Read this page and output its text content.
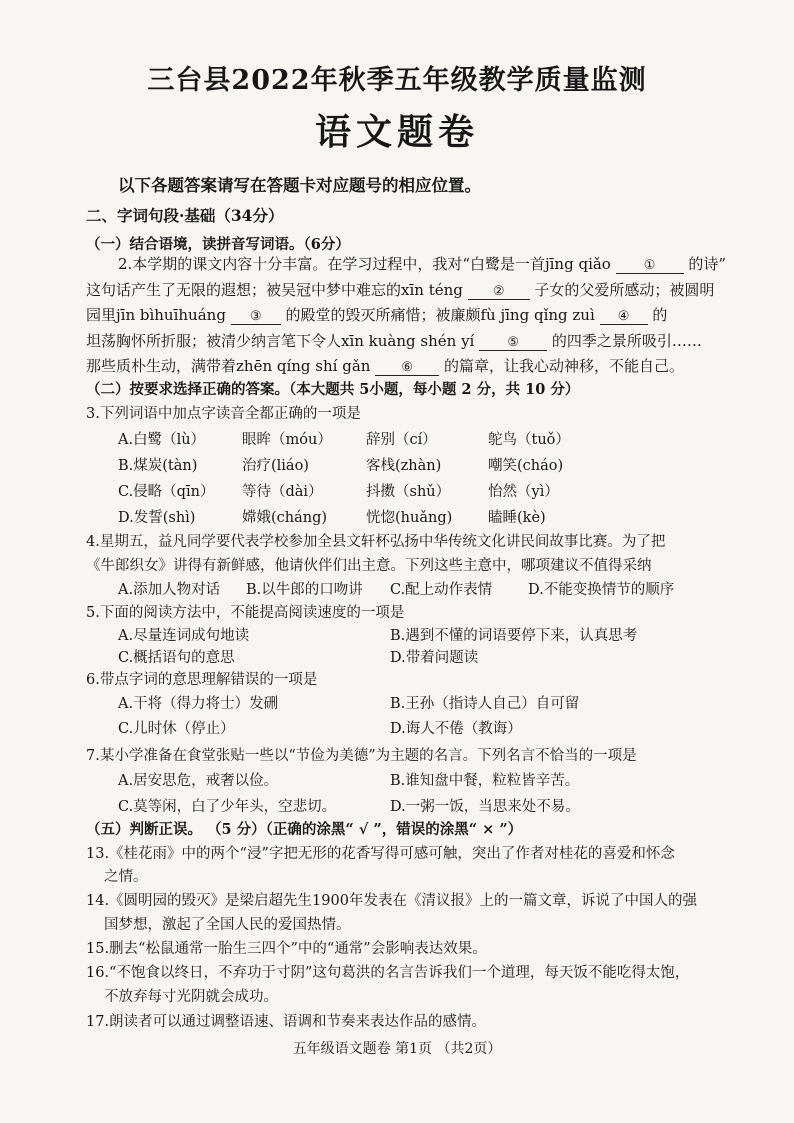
三台县2022年秋季五年级教学质量监测
语文题卷
以下各题答案请写在答题卡对应题号的相应位置。
二、字词句段·基础（34分）
（一）结合语境，读拼音写词语。（6分）
2.本学期的课文内容十分丰富。在学习过程中，我对“白鹭是一首jīng qiǎo	① 的诗”
这句话产生了无限的遐想；被吴冠中梦中难忘的xīn téng ② 子女的父爱所感动；被圆明
园里jīn bìhuīhuáng ③ 的殿堂的毁灭所痛惜；被廉颇fù jīng qǐng zuì ④ 的
坦荡胸怀所折服；被清少纳言笔下令人xīn kuàng shén yí	⑤ 的四季之景所吸引……
那些质朴生动，满带着zhēn qíng shí gǎn ⑥ 的篇章，让我心动神移，不能自己。
（二）按要求选择正确的答案。（本大题共 5小题，每小题 2 分，共 10 分）
3.下列词语中加点字读音全都正确的一项是
A.白鹭（lù）	眼眸（móu） 辞别（cí）	鸵鸟（tuǒ）
B.煤炭(tàn)	治疗(liáo)	客栈(zhàn)	嘲笑(cháo)
C.侵略（qīn） 等待（dài）	抖擞（shǔ）	怡然（yì）
D.发誓(shì)	嫦娥(cháng)	恍惚(huǎng) 瞌睡(kè)
4.星期五，益凡同学要代表学校参加全县文轩杯弘扬中华传统文化讲民间故事比赛。为了把
《牛郎织女》讲得有新鲜感，他请伙伴们出主意。下列这些主意中，哪项建议不值得采纳
A.添加人物对话 B.以牛郎的口吻讲 C.配上动作表情 D.不能变换情节的顺序
5.下面的阅读方法中，不能提高阅读速度的一项是
A.尽量连词成句地读	B.遇到不懂的词语要停下来，认真思考
C.概括语句的意思	D.带着问题读
6.带点字词的意思理解错误的一项是
A.干将（得力将士）发硎	B.王孙（指诗人自己）自可留
C.儿时休（停止）	D.诲人不倦（教诲）
7.某小学准备在食堂张贴一些以“节俭为美德”为主题的名言。下列名言不恰当的一项是
A.居安思危，戒奢以俭。	B.谁知盘中餐，粒粒皆辛苦。
C.莫等闲，白了少年头，空悲切。	D.一粥一饭，当思来处不易。
（五）判断正误。 （5 分）（正确的涂黑“ √ ”，错误的涂黑“ × ”）
13.《桂花雨》中的两个“浸”字把无形的花香写得可感可触，突出了作者对桂花的喜爱和怀念
之情。
14.《圆明园的毁灭》是梁启超先生1900年发表在《清议报》上的一篇文章，诉说了中国人的强
国梦想，激起了全国人民的爱国热情。
15.删去“松鼠通常一胎生三四个”中的“通常”会影响表达效果。
16.“不饱食以终日，不弃功于寸阴”这句葛洪的名言告诉我们一个道理，每天饭不能吃得太饱，
不放弃每寸光阴就会成功。
17.朗读者可以通过调整语速、语调和节奏来表达作品的感情。
五年级语文题卷 第1页 （共2页）
